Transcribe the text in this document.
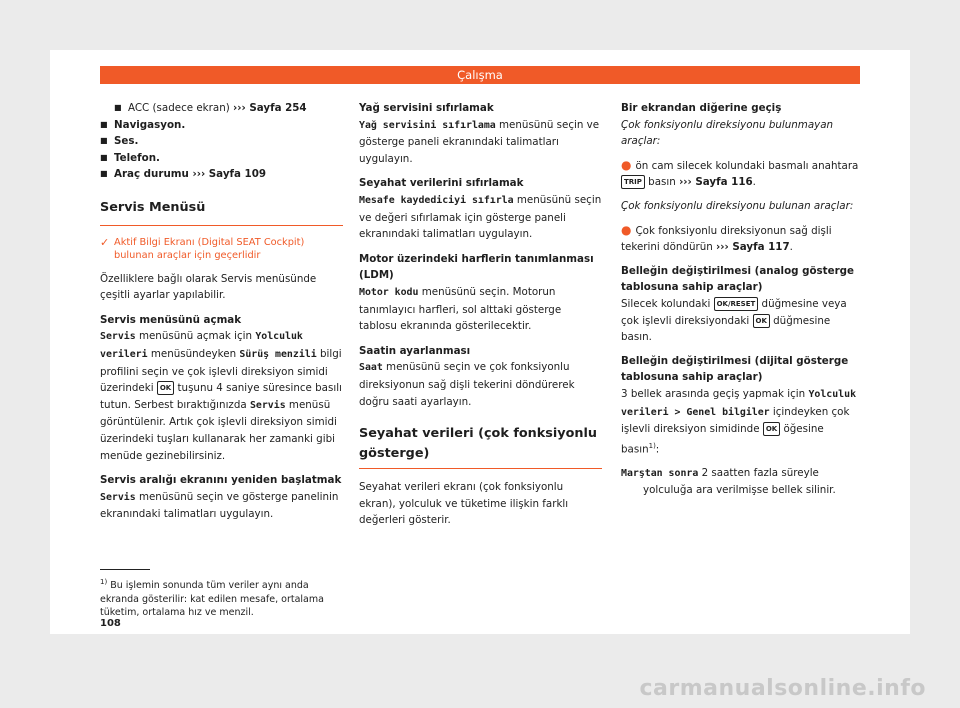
Çalışma
■ ACC (sadece ekran) ››› Sayfa 254
■ Navigasyon.
■ Ses.
■ Telefon.
■ Araç durumu ››› Sayfa 109
Servis Menüsü
✓ Aktif Bilgi Ekranı (Digital SEAT Cockpit) bulunan araçlar için geçerlidir
Özelliklere bağlı olarak Servis menüsünde çeşitli ayarlar yapılabilir.
Servis menüsünü açmak
Servis menüsünü açmak için Yolculuk verileri menüsündeyken Sürüş menzili bilgi profilini seçin ve çok işlevli direksiyon simidi üzerindeki OK tuşunu 4 saniye süresince basılı tutun. Serbest bıraktığınızda Servis menüsü görüntülenir. Artık çok işlevli direksiyon simidi üzerindeki tuşları kullanarak her zamanki gibi menüde gezinebilirsiniz.
Servis aralığı ekranını yeniden başlatmak
Servis menüsünü seçin ve gösterge panelinin ekranındaki talimatları uygulayın.
Yağ servisini sıfırlamak
Yağ servisini sıfırlama menüsünü seçin ve gösterge paneli ekranındaki talimatları uygulayın.
Seyahat verilerini sıfırlamak
Mesafe kaydediciyi sıfırla menüsünü seçin ve değeri sıfırlamak için gösterge paneli ekranındaki talimatları uygulayın.
Motor üzerindeki harflerin tanımlanması (LDM)
Motor kodu menüsünü seçin. Motorun tanımlayıcı harfleri, sol alttaki gösterge tablosu ekranında gösterilecektir.
Saatin ayarlanması
Saat menüsünü seçin ve çok fonksiyonlu direksiyonun sağ dişli tekerini döndürerek doğru saati ayarlayın.
Seyahat verileri (çok fonksiyonlu gösterge)
Seyahat verileri ekranı (çok fonksiyonlu ekran), yolculuk ve tüketime ilişkin farklı değerleri gösterir.
Bir ekrandan diğerine geçiş
Çok fonksiyonlu direksiyonu bulunmayan araçlar:
● ön cam silecek kolundaki basmalı anahtara TRIP basın ››› Sayfa 116.
Çok fonksiyonlu direksiyonu bulunan araçlar:
● Çok fonksiyonlu direksiyonun sağ dişli tekerini döndürün ››› Sayfa 117.
Belleğin değiştirilmesi (analog gösterge tablosuna sahip araçlar)
Silecek kolundaki OK/RESET düğmesine veya çok işlevli direksiyondaki OK düğmesine basın.
Belleğin değiştirilmesi (dijital gösterge tablosuna sahip araçlar)
3 bellek arasında geçiş yapmak için Yolculuk verileri > Genel bilgiler içindeyken çok işlevli direksiyon simidinde OK öğesine basın$^{1)}$:
Marştan sonra 2 saatten fazla süreyle yolculuğa ara verilmişse bellek silinir.
$^{1)}$ Bu işlemin sonunda tüm veriler aynı anda ekranda gösterilir: kat edilen mesafe, ortalama tüketim, ortalama hız ve menzil.
108
carmanualsonline.info
